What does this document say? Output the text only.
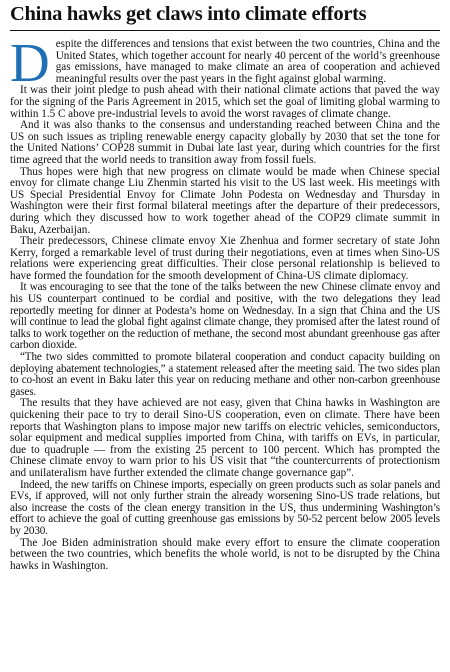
China hawks get claws into climate efforts

Despite the differences and tensions that exist between the two countries, China and the United States, which together account for nearly 40 percent of the world’s greenhouse gas emissions, have managed to make climate an area of cooperation and achieved meaningful results over the past years in the fight against global warming.

It was their joint pledge to push ahead with their national climate actions that paved the way for the signing of the Paris Agreement in 2015, which set the goal of limiting global warming to within 1.5 C above pre-industrial levels to avoid the worst ravages of climate change.

And it was also thanks to the consensus and understanding reached between China and the US on such issues as tripling renewable energy capacity globally by 2030 that set the tone for the United Nations’ COP28 summit in Dubai late last year, during which countries for the first time agreed that the world needs to transition away from fossil fuels.

Thus hopes were high that new progress on climate would be made when Chinese special envoy for climate change Liu Zhenmin started his visit to the US last week. His meetings with US Special Presidential Envoy for Climate John Podesta on Wednesday and Thursday in Washington were their first formal bilateral meetings after the departure of their predecessors, during which they discussed how to work together ahead of the COP29 climate summit in Baku, Azerbaijan.

Their predecessors, Chinese climate envoy Xie Zhenhua and former secretary of state John Kerry, forged a remarkable level of trust during their negotiations, even at times when Sino-US relations were experiencing great difficulties. Their close personal relationship is believed to have formed the foundation for the smooth development of China-US climate diplomacy.

It was encouraging to see that the tone of the talks between the new Chinese climate envoy and his US counterpart continued to be cordial and positive, with the two delegations they lead reportedly meeting for dinner at Podesta’s home on Wednesday. In a sign that China and the US will continue to lead the global fight against climate change, they promised after the latest round of talks to work together on the reduction of methane, the second most abundant greenhouse gas after carbon dioxide.

“The two sides committed to promote bilateral cooperation and conduct capacity building on deploying abatement technologies,” a statement released after the meeting said. The two sides plan to co-host an event in Baku later this year on reducing methane and other non-carbon greenhouse gases.

The results that they have achieved are not easy, given that China hawks in Washington are quickening their pace to try to derail Sino-US cooperation, even on climate. There have been reports that Washington plans to impose major new tariffs on electric vehicles, semiconductors, solar equipment and medical supplies imported from China, with tariffs on EVs, in particular, due to quadruple — from the existing 25 percent to 100 percent. Which has prompted the Chinese climate envoy to warn prior to his US visit that “the countercurrents of protectionism and unilateralism have further extended the climate change governance gap”.

Indeed, the new tariffs on Chinese imports, especially on green products such as solar panels and EVs, if approved, will not only further strain the already worsening Sino-US trade relations, but also increase the costs of the clean energy transition in the US, thus undermining Washington’s effort to achieve the goal of cutting greenhouse gas emissions by 50-52 percent below 2005 levels by 2030.

The Joe Biden administration should make every effort to ensure the climate cooperation between the two countries, which benefits the whole world, is not to be disrupted by the China hawks in Washington.
